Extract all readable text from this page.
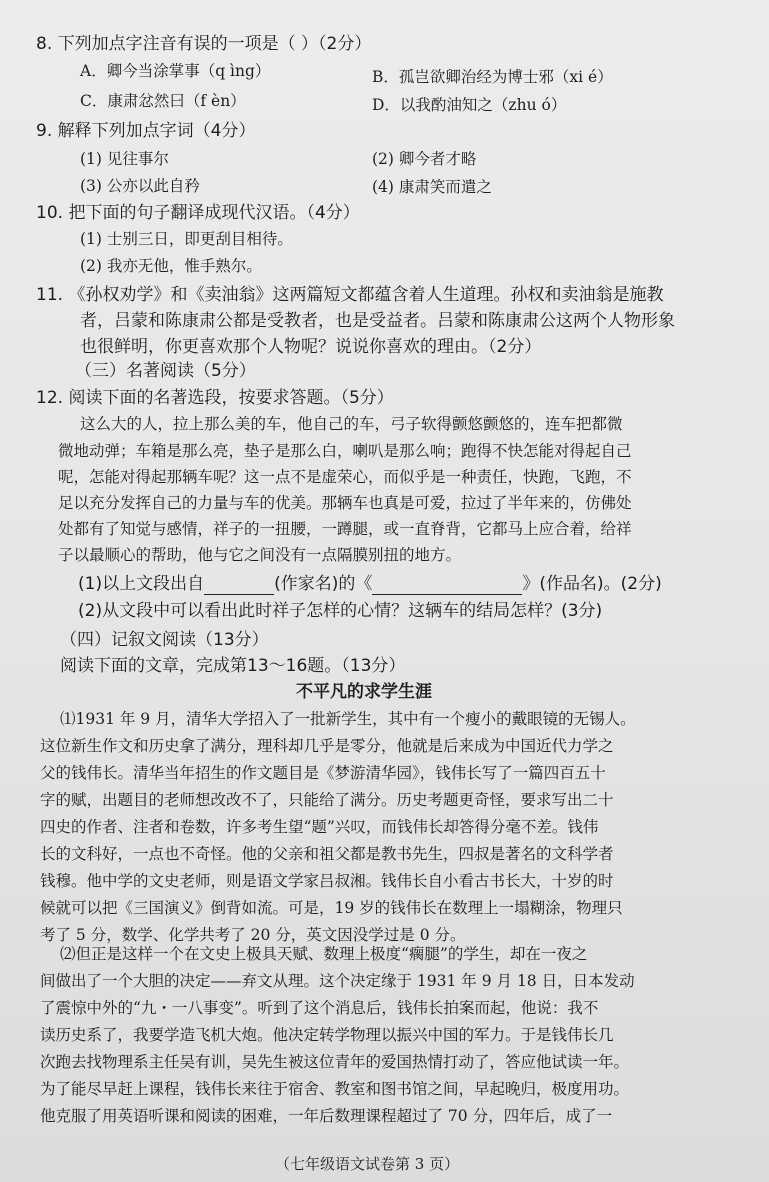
8. 下列加点字注音有误的一项是（ ）（2分）
A．卿今当涂掌事（q ìng）	B．孤岂欲卿治经为博士邪（xi é）
C．康肃忿然曰（f èn）	D．以我酌油知之（zhu ó）
9. 解释下列加点字词（4分）
(1) 见往事尔	(2) 卿今者才略
(3) 公亦以此自矜	(4) 康肃笑而遣之
10. 把下面的句子翻译成现代汉语。（4分）
(1) 士别三日，即更刮目相待。
(2) 我亦无他，惟手熟尔。
11. 《孙权劝学》和《卖油翁》这两篇短文都蕴含着人生道理。孙权和卖油翁是施教
者，吕蒙和陈康肃公都是受教者，也是受益者。吕蒙和陈康肃公这两个人物形象
也很鲜明，你更喜欢那个人物呢？说说你喜欢的理由。（2分）
（三）名著阅读（5分）
12. 阅读下面的名著选段，按要求答题。（5分）
这么大的人，拉上那么美的车，他自己的车，弓子软得颤悠颤悠的，连车把都微
微地动弹；车箱是那么亮，垫子是那么白，喇叭是那么响；跑得不快怎能对得起自己
呢，怎能对得起那辆车呢？这一点不是虚荣心，而似乎是一种责任，快跑，飞跑，不
足以充分发挥自己的力量与车的优美。那辆车也真是可爱，拉过了半年来的，仿佛处
处都有了知觉与感情，祥子的一扭腰，一蹲腿，或一直脊背，它都马上应合着，给祥
子以最顺心的帮助，他与它之间没有一点隔膜别扭的地方。
(1)以上文段出自	(作家名)的《	》(作品名)。(2分)
(2)从文段中可以看出此时祥子怎样的心情？这辆车的结局怎样？(3分)
（四）记叙文阅读（13分）
阅读下面的文章，完成第13～16题。（13分）
不平凡的求学生涯
⑴1931 年 9 月，清华大学招入了一批新学生，其中有一个瘦小的戴眼镜的无锡人。
这位新生作文和历史拿了满分，理科却几乎是零分，他就是后来成为中国近代力学之
父的钱伟长。清华当年招生的作文题目是《梦游清华园》，钱伟长写了一篇四百五十
字的赋，出题目的老师想改改不了，只能给了满分。历史考题更奇怪，要求写出二十
四史的作者、注者和卷数，许多考生望“题”兴叹，而钱伟长却答得分毫不差。钱伟
长的文科好，一点也不奇怪。他的父亲和祖父都是教书先生，四叔是著名的文科学者
钱穆。他中学的文史老师，则是语文学家吕叔湘。钱伟长自小看古书长大，十岁的时
候就可以把《三国演义》倒背如流。可是，19 岁的钱伟长在数理上一塌糊涂，物理只
考了 5 分，数学、化学共考了 20 分，英文因没学过是 0 分。
⑵但正是这样一个在文史上极具天赋、数理上极度“瘸腿”的学生，却在一夜之
间做出了一个大胆的决定——弃文从理。这个决定缘于 1931 年 9 月 18 日，日本发动
了震惊中外的“九・一八事变”。听到了这个消息后，钱伟长拍案而起，他说：我不
读历史系了，我要学造飞机大炮。他决定转学物理以振兴中国的军力。于是钱伟长几
次跑去找物理系主任吴有训，吴先生被这位青年的爱国热情打动了，答应他试读一年。
为了能尽早赶上课程，钱伟长来往于宿舍、教室和图书馆之间，早起晚归，极度用功。
他克服了用英语听课和阅读的困难，一年后数理课程超过了 70 分，四年后，成了一
（七年级语文试卷第 3 页）
